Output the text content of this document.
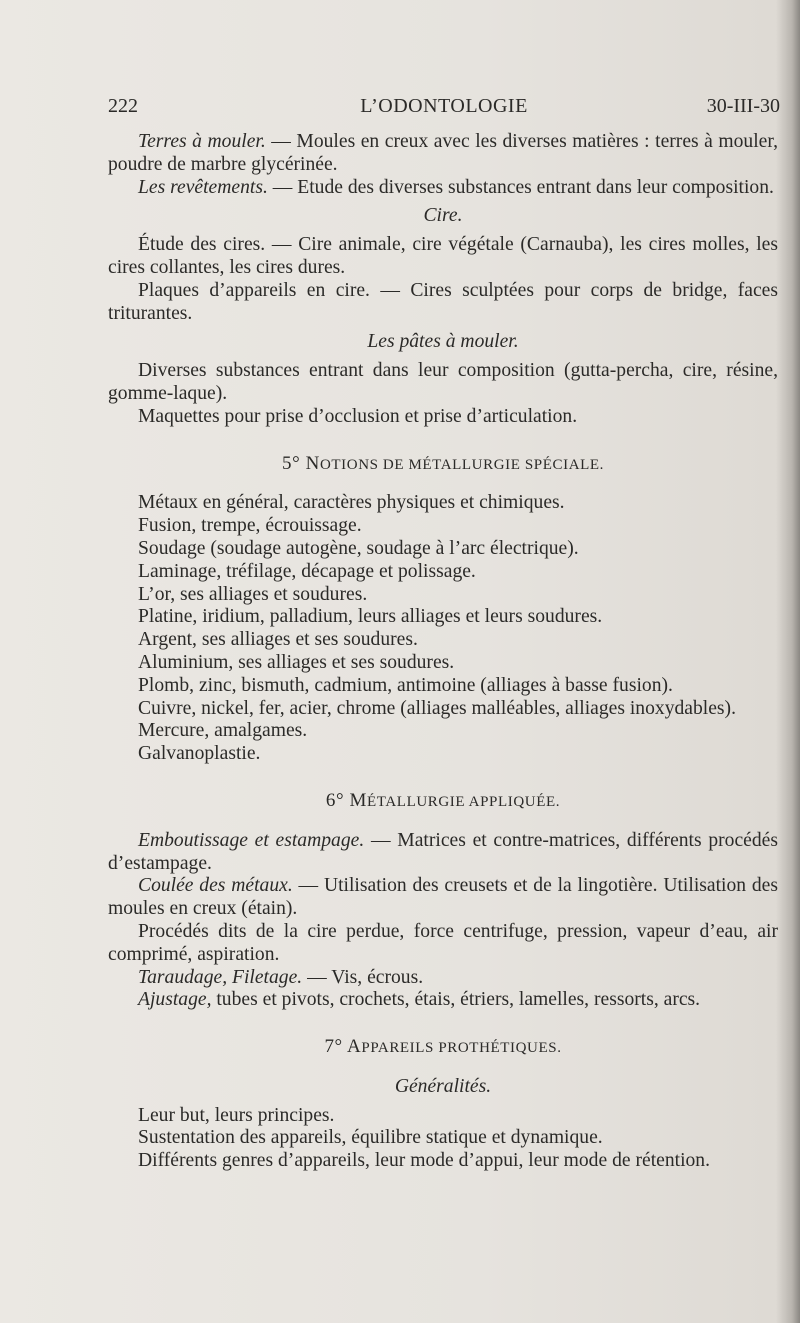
222	L’ODONTOLOGIE	30-III-30

Terres à mouler. — Moules en creux avec les diverses matières : terres à mouler, poudre de marbre glycérinée.

Les revêtements. — Etude des diverses substances entrant dans leur composition.

Cire.

Étude des cires. — Cire animale, cire végétale (Carnauba), les cires molles, les cires collantes, les cires dures.

Plaques d’appareils en cire. — Cires sculptées pour corps de bridge, faces triturantes.

Les pâtes à mouler.

Diverses substances entrant dans leur composition (gutta-percha, cire, résine, gomme-laque).

Maquettes pour prise d’occlusion et prise d’articulation.

5° NOTIONS DE MÉTALLURGIE SPÉCIALE.

Métaux en général, caractères physiques et chimiques.

Fusion, trempe, écrouissage.

Soudage (soudage autogène, soudage à l’arc électrique).

Laminage, tréfilage, décapage et polissage.

L’or, ses alliages et soudures.

Platine, iridium, palladium, leurs alliages et leurs soudures.

Argent, ses alliages et ses soudures.

Aluminium, ses alliages et ses soudures.

Plomb, zinc, bismuth, cadmium, antimoine (alliages à basse fusion).

Cuivre, nickel, fer, acier, chrome (alliages malléables, alliages inoxydables).

Mercure, amalgames.

Galvanoplastie.

6° MÉTALLURGIE APPLIQUÉE.

Emboutissage et estampage. — Matrices et contre-matrices, différents procédés d’estampage.

Coulée des métaux. — Utilisation des creusets et de la lingotière. Utilisation des moules en creux (étain).

Procédés dits de la cire perdue, force centrifuge, pression, vapeur d’eau, air comprimé, aspiration.

Taraudage, Filetage. — Vis, écrous.

Ajustage, tubes et pivots, crochets, étais, étriers, lamelles, ressorts, arcs.

7° APPAREILS PROTHÉTIQUES.

Généralités.

Leur but, leurs principes.

Sustentation des appareils, équilibre statique et dynamique.

Différents genres d’appareils, leur mode d’appui, leur mode de rétention.
